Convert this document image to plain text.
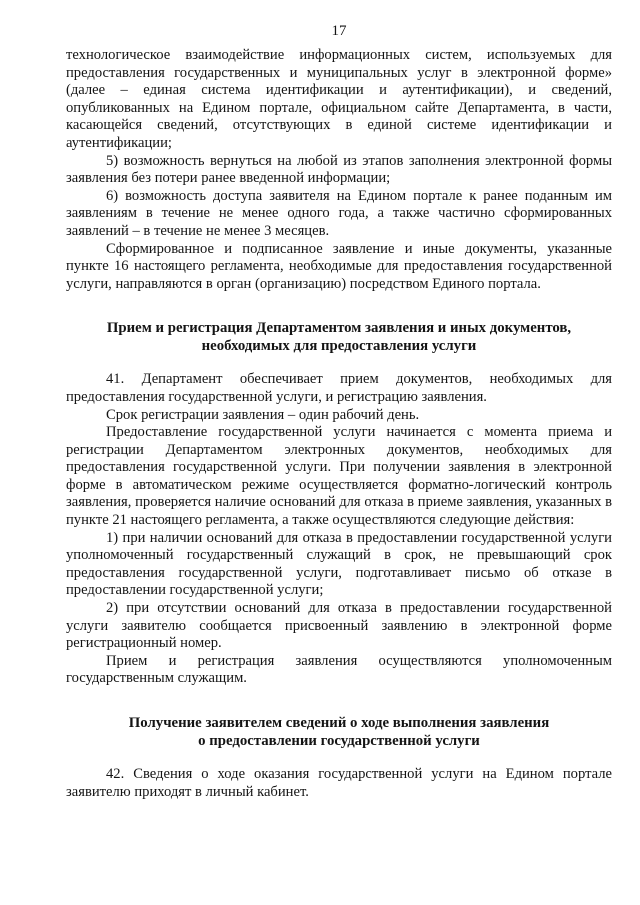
17

технологическое взаимодействие информационных систем, используемых для предоставления государственных и муниципальных услуг в электронной форме» (далее – единая система идентификации и аутентификации), и сведений, опубликованных на Едином портале, официальном сайте Департамента, в части, касающейся сведений, отсутствующих в единой системе идентификации и аутентификации;

5) возможность вернуться на любой из этапов заполнения электронной формы заявления без потери ранее введенной информации;

6) возможность доступа заявителя на Едином портале к ранее поданным им заявлениям в течение не менее одного года, а также частично сформированных заявлений – в течение не менее 3 месяцев.

Сформированное и подписанное заявление и иные документы, указанные пункте 16 настоящего регламента, необходимые для предоставления государственной услуги, направляются в орган (организацию) посредством Единого портала.

Прием и регистрация Департаментом заявления и иных документов,
необходимых для предоставления услуги

41. Департамент обеспечивает прием документов, необходимых для предоставления государственной услуги, и регистрацию заявления.

Срок регистрации заявления – один рабочий день.

Предоставление государственной услуги начинается с момента приема и регистрации Департаментом электронных документов, необходимых для предоставления государственной услуги. При получении заявления в электронной форме в автоматическом режиме осуществляется форматно-логический контроль заявления, проверяется наличие оснований для отказа в приеме заявления, указанных в пункте 21 настоящего регламента, а также осуществляются следующие действия:

1) при наличии оснований для отказа в предоставлении государственной услуги уполномоченный государственный служащий в срок, не превышающий срок предоставления государственной услуги, подготавливает письмо об отказе в предоставлении государственной услуги;

2) при отсутствии оснований для отказа в предоставлении государственной услуги заявителю сообщается присвоенный заявлению в электронной форме регистрационный номер.

Прием и регистрация заявления осуществляются уполномоченным государственным служащим.

Получение заявителем сведений о ходе выполнения заявления
о предоставлении государственной услуги

42. Сведения о ходе оказания государственной услуги на Едином портале заявителю приходят в личный кабинет.
